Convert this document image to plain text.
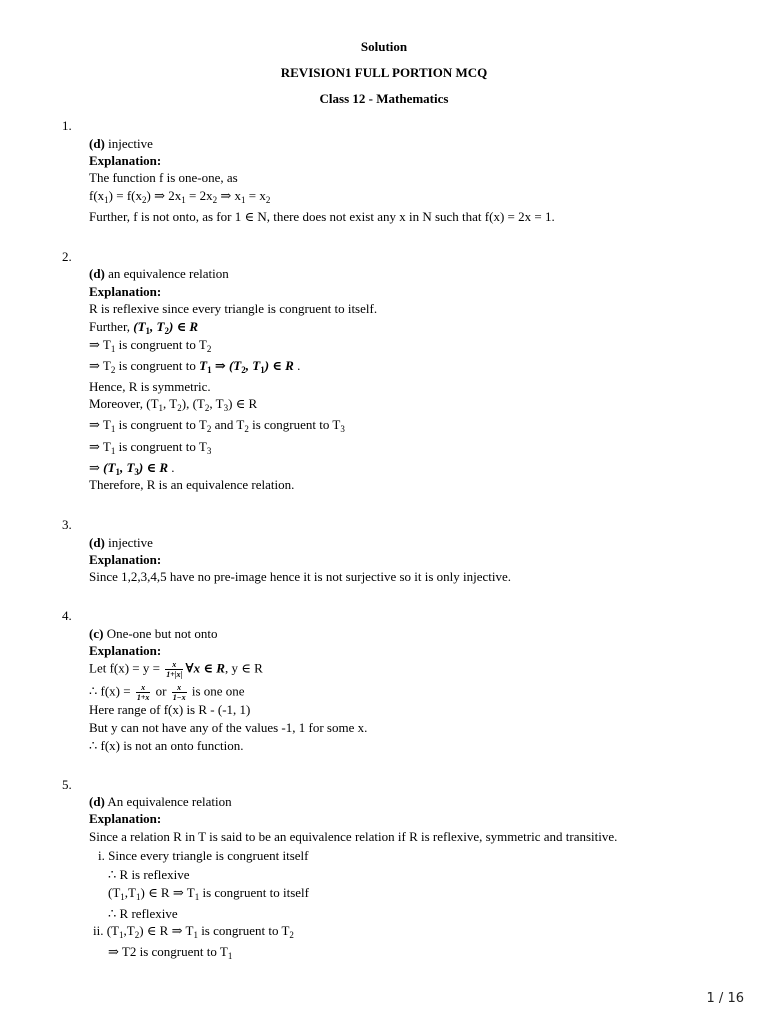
Solution
REVISION1 FULL PORTION MCQ
Class 12 - Mathematics
1.
(d) injective
Explanation:
The function f is one-one, as
$f(x_1) = f(x_2)$ ⇒ $2x_1 = 2x_2$ ⇒ $x_1 = x_2$
Further, f is not onto, as for 1 ∈ N, there does not exist any x in N such that f(x) = 2x = 1.
2.
(d) an equivalence relation
Explanation:
R is reflexive since every triangle is congruent to itself.
Further, ($T_1$, $T_2$) ∈ R
⇒ $T_1$ is congruent to $T_2$
⇒ $T_2$ is congruent to $T_1$ ⇒ ($T_2$, $T_1$) ∈ R .
Hence, R is symmetric.
Moreover, ($T_1$, $T_2$), ($T_2$, $T_3$) ∈ R
⇒ $T_1$ is congruent to $T_2$ and $T_2$ is congruent to $T_3$
⇒ $T_1$ is congruent to $T_3$
⇒ ($T_1$, $T_3$) ∈ R .
Therefore, R is an equivalence relation.
3.
(d) injective
Explanation:
Since 1,2,3,4,5 have no pre-image hence it is not surjective so it is only injective.
4.
(c) One-one but not onto
Explanation:
Let $f(x) = y = \frac{x}{1+|x|}$ ∀x ∈ R, y ∈ R
∴ $f(x) = \frac{x}{1+x}$ or $\frac{x}{1-x}$ is one one
Here range of f(x) is R - (-1, 1)
But y can not have any of the values -1, 1 for some x.
∴ f(x) is not an onto function.
5.
(d) An equivalence relation
Explanation:
Since a relation R in T is said to be an equivalence relation if R is reflexive, symmetric and transitive.
i. Since every triangle is congruent itself
∴ R is reflexive
$(T_1,T_1)$ ∈ R ⇒ $T_1$ is congruent to itself
∴ R reflexive
ii. $(T_1,T_2)$ ∈ R ⇒ $T_1$ is congruent to $T_2$
⇒ T2 is congruent to $T_1$
1 / 16
